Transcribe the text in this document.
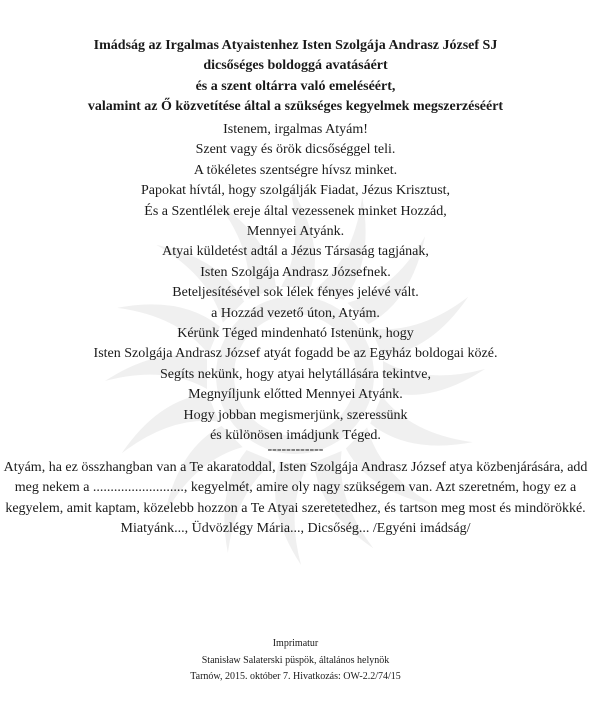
Imádság az Irgalmas Atyaistenhez Isten Szolgája Andrasz József SJ
dicsőséges boldoggá avatásáért
és a szent oltárra való emeléséért,
valamint az Ő közvetítése által a szükséges kegyelmek megszerzéséért
Istenem, irgalmas Atyám!
Szent vagy és örök dicsőséggel teli.
A tökéletes szentségre hívsz minket.
Papokat hívtál, hogy szolgálják Fiadat, Jézus Krisztust,
És a Szentlélek ereje által vezessenek minket Hozzád,
Mennyei Atyánk.
Atyai küldetést adtál a Jézus Társaság tagjának,
Isten Szolgája Andrasz Józsefnek.
Beteljesítésével sok lélek fényes jelévé vált.
a Hozzád vezető úton, Atyám.
Kérünk Téged mindenható Istenünk, hogy
Isten Szolgája Andrasz József atyát fogadd be az Egyház boldogai közé.
Segíts nekünk, hogy atyai helytállására tekintve,
Megnyíljunk előtted Mennyei Atyánk.
Hogy jobban megismerjünk, szeressünk
és különösen imádjunk Téged.
------------
Atyám, ha ez összhangban van a Te akaratoddal, Isten Szolgája Andrasz József atya közbenjárására, add meg nekem a .........................., kegyelmét, amire oly nagy szükségem van. Azt szeretném, hogy ez a kegyelem, amit kaptam, közelebb hozzon a Te Atyai szeretetedhez, és tartson meg most és mindörökké. Miatyánk..., Üdvözlégy Mária..., Dicsőség... /Egyéni imádság/
Imprimatur
Stanisław Salaterski püspök, általános helynök
Tarnów, 2015. október 7. Hivatkozás: OW-2.2/74/15
